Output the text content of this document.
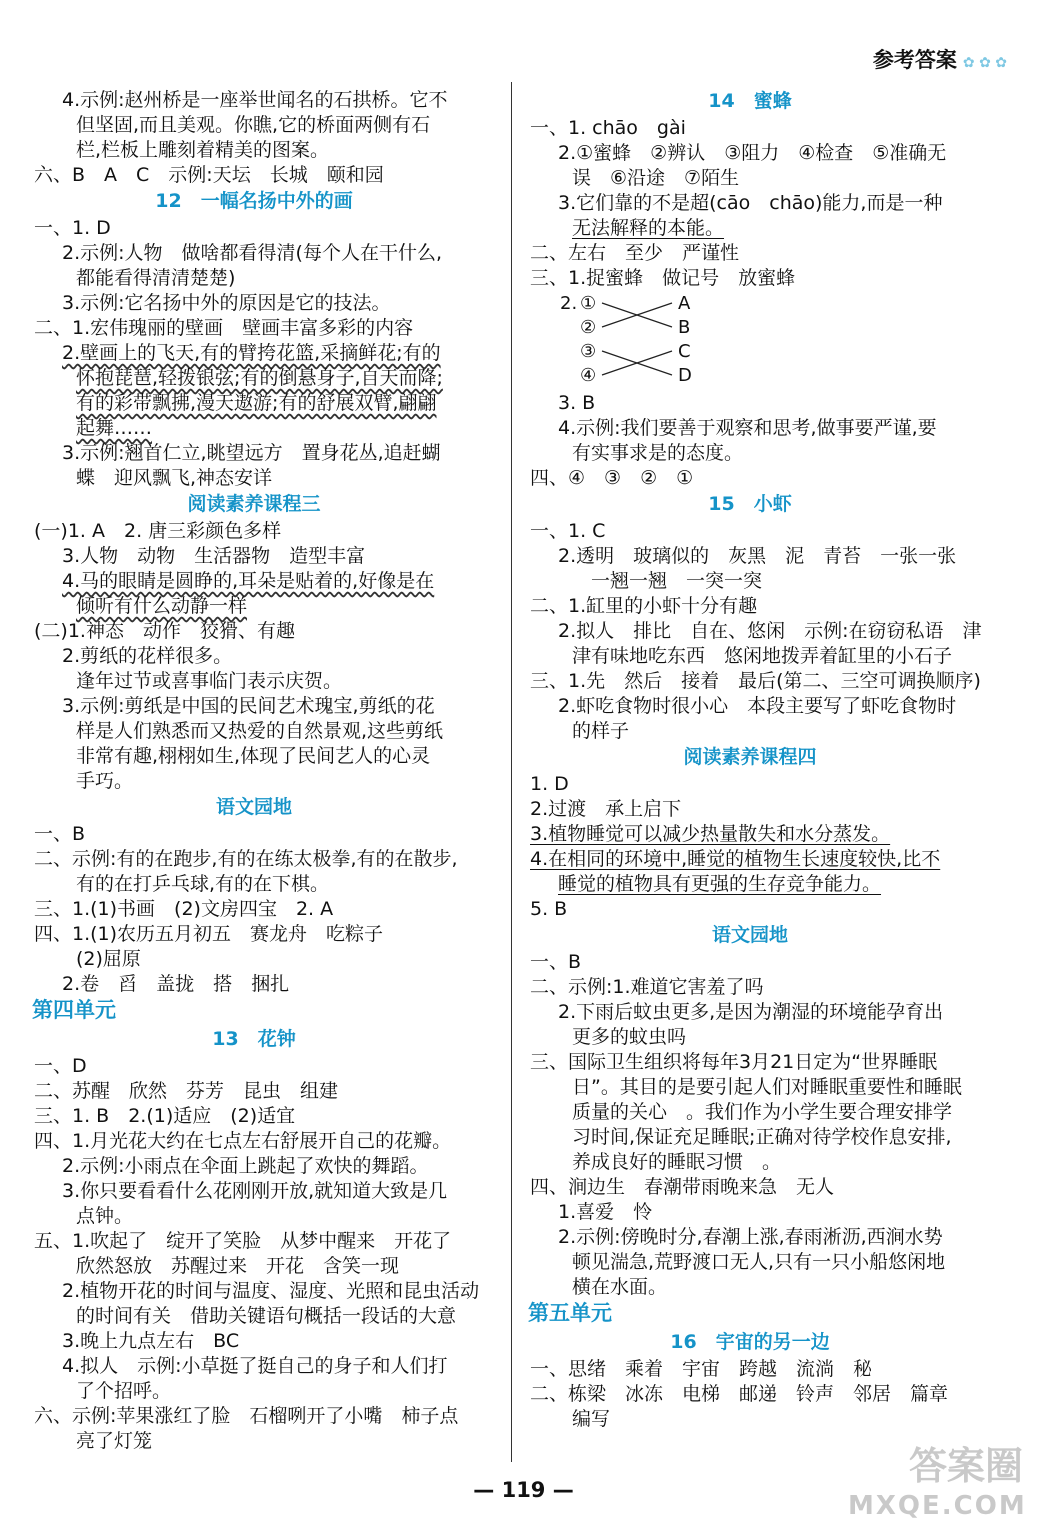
参考答案 ✿ ✿ ✿
4.示例:赵州桥是一座举世闻名的石拱桥。它不
但坚固,而且美观。你瞧,它的桥面两侧有石
栏,栏板上雕刻着精美的图案。
六、B　A　C　示例:天坛　长城　颐和园
12　一幅名扬中外的画
一、1. D
2.示例:人物　做啥都看得清(每个人在干什么,
都能看得清清楚楚)
3.示例:它名扬中外的原因是它的技法。
二、1.宏伟瑰丽的壁画　壁画丰富多彩的内容
2.壁画上的飞天,有的臂挎花篮,采摘鲜花;有的
怀抱琵琶,轻拨银弦;有的倒悬身子,自天而降;
有的彩带飘拂,漫天遨游;有的舒展双臂,翩翩
起舞……
3.示例:翘首仁立,眺望远方　置身花丛,追赶蝴
蝶　迎风飘飞,神态安详
阅读素养课程三
(一)1. A　2. 唐三彩颜色多样
3.人物　动物　生活器物　造型丰富
4.马的眼睛是圆睁的,耳朵是贴着的,好像是在
倾听有什么动静一样
(二)1.神态　动作　狡猾、有趣
2.剪纸的花样很多。
逢年过节或喜事临门表示庆贺。
3.示例:剪纸是中国的民间艺术瑰宝,剪纸的花
样是人们熟悉而又热爱的自然景观,这些剪纸
非常有趣,栩栩如生,体现了民间艺人的心灵
手巧。
语文园地
一、B
二、示例:有的在跑步,有的在练太极拳,有的在散步,
有的在打乒乓球,有的在下棋。
三、1.(1)书画　(2)文房四宝　2. A
四、1.(1)农历五月初五　赛龙舟　吃粽子
(2)屈原
2.卷　舀　盖拢　搭　捆扎
第四单元
13　花钟
一、D
二、苏醒　欣然　芬芳　昆虫　组建
三、1. B　2.(1)适应　(2)适宜
四、1.月光花大约在七点左右舒展开自己的花瓣。
2.示例:小雨点在伞面上跳起了欢快的舞蹈。
3.你只要看看什么花刚刚开放,就知道大致是几
点钟。
五、1.吹起了　绽开了笑脸　从梦中醒来　开花了
欣然怒放　苏醒过来　开花　含笑一现
2.植物开花的时间与温度、湿度、光照和昆虫活动
的时间有关　借助关键语句概括一段话的大意
3.晚上九点左右　BC
4.拟人　示例:小草挺了挺自己的身子和人们打
了个招呼。
六、示例:苹果涨红了脸　石榴咧开了小嘴　柿子点
亮了灯笼
14　蜜蜂
一、1. chāo　gài
2.①蜜蜂　②辨认　③阻力　④检查　⑤准确无
误　⑥沿途　⑦陌生
3.它们靠的不是超(cāo　chāo)能力,而是一种
无法解释的本能。
二、左右　至少　严谨性
三、1.捉蜜蜂　做记号　放蜜蜂
2. ①
②
③
④
A
B
C
D
3. B
4.示例:我们要善于观察和思考,做事要严谨,要
有实事求是的态度。
四、④　③　②　①
15　小虾
一、1. C
2.透明　玻璃似的　灰黑　泥　青苔　一张一张
　一翘一翘　一突一突
二、1.缸里的小虾十分有趣
2.拟人　排比　自在、悠闲　示例:在窃窃私语　津
津有味地吃东西　悠闲地拨弄着缸里的小石子
三、1.先　然后　接着　最后(第二、三空可调换顺序)
2.虾吃食物时很小心　本段主要写了虾吃食物时
的样子
阅读素养课程四
1. D
2.过渡　承上启下
3.植物睡觉可以减少热量散失和水分蒸发。
4.在相同的环境中,睡觉的植物生长速度较快,比不
睡觉的植物具有更强的生存竞争能力。
5. B
语文园地
一、B
二、示例:1.难道它害羞了吗
2.下雨后蚊虫更多,是因为潮湿的环境能孕育出
更多的蚊虫吗
三、国际卫生组织将每年3月21日定为“世界睡眠
日”。其目的是要引起人们对睡眠重要性和睡眠
质量的关心　。我们作为小学生要合理安排学
习时间,保证充足睡眠;正确对待学校作息安排,
养成良好的睡眠习惯　。
四、涧边生　春潮带雨晚来急　无人
1.喜爱　怜
2.示例:傍晚时分,春潮上涨,春雨淅沥,西涧水势
顿见湍急,荒野渡口无人,只有一只小船悠闲地
横在水面。
第五单元
16　宇宙的另一边
一、思绪　乘着　宇宙　跨越　流淌　秘
二、栋梁　冰冻　电梯　邮递　铃声　邻居　篇章
编写
— 119 —
答案圈
MXQE.COM
